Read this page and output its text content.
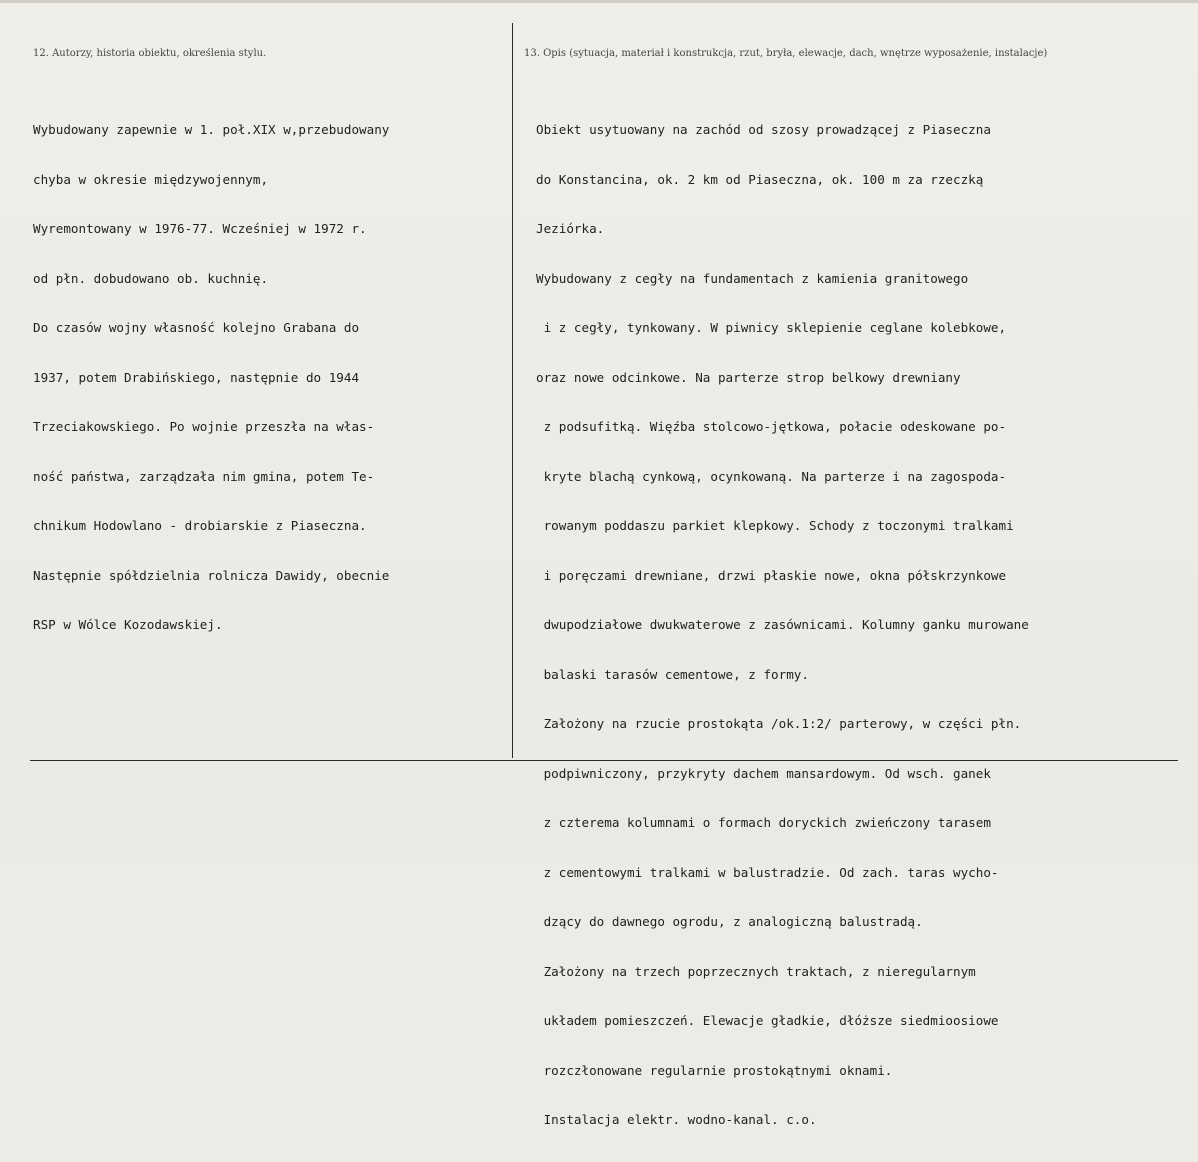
12. Autorzy, historia obiektu, określenia stylu.	13. Opis (sytuacja, materiał i konstrukcja, rzut, bryła, elewacje, dach, wnętrze wyposażenie, instalacje)

Wybudowany zapewnie w 1. poł.XIX w,przebudowany

chyba w okresie międzywojennym,

Wyremontowany w 1976-77. Wcześniej w 1972 r.

od płn. dobudowano ob. kuchnię.

Do czasów wojny własność kolejno Grabana do

1937, potem Drabińskiego, następnie do 1944

Trzeciakowskiego. Po wojnie przeszła na włas-

ność państwa, zarządzała nim gmina, potem Te-

chnikum Hodowlano - drobiarskie z Piaseczna.

Następnie spółdzielnia rolnicza Dawidy, obecnie

RSP w Wólce Kozodawskiej.

Obiekt usytuowany na zachód od szosy prowadzącej z Piaseczna

do Konstancina, ok. 2 km od Piaseczna, ok. 100 m za rzeczką

Jeziórka.

Wybudowany z cegły na fundamentach z kamienia granitowego

i z cegły, tynkowany. W piwnicy sklepienie ceglane kolebkowe,

oraz nowe odcinkowe. Na parterze strop belkowy drewniany

z podsufitką. Więźba stolcowo-jętkowa, połacie odeskowane po-

kryte blachą cynkową, ocynkowaną. Na parterze i na zagospoda-

rowanym poddaszu parkiet klepkowy. Schody z toczonymi tralkami

i poręczami drewniane, drzwi płaskie nowe, okna półskrzynkowe

dwupodziałowe dwukwaterowe z zasównicami. Kolumny ganku murowane

balaski tarasów cementowe, z formy.

Założony na rzucie prostokąta /ok.1:2/ parterowy, w części płn.

podpiwniczony, przykryty dachem mansardowym. Od wsch. ganek

z czterema kolumnami o formach doryckich zwieńczony tarasem

z cementowymi tralkami w balustradzie. Od zach. taras wycho-

dzący do dawnego ogrodu, z analogiczną balustradą.

Założony na trzech poprzecznych traktach, z nieregularnym

układem pomieszczeń. Elewacje gładkie, dłóższe siedmioosiowe

rozczłonowane regularnie prostokątnymi oknami.

Instalacja elektr. wodno-kanal. c.o.
